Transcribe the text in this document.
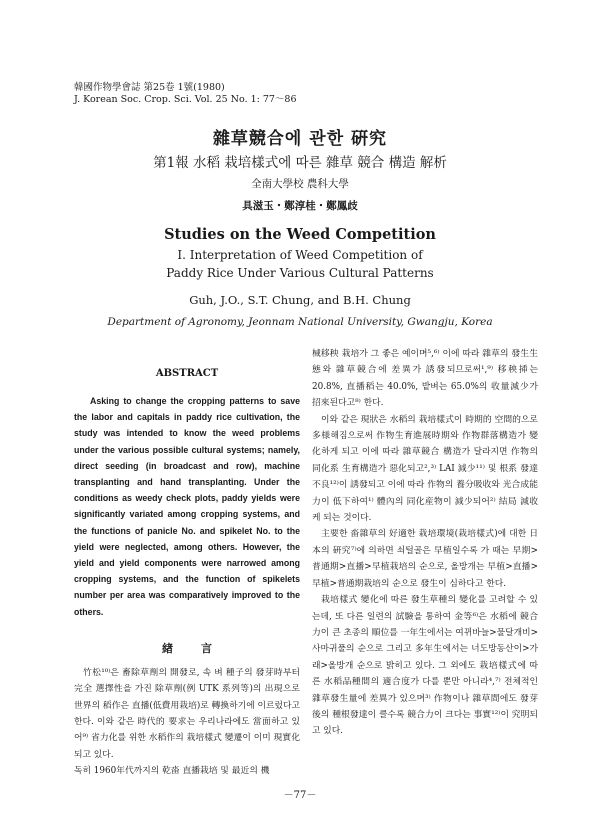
韓國作物學會誌 第25卷 1號(1980)
J. Korean Soc. Crop. Sci. Vol. 25 No. 1: 77～86
雜草競合에 관한 硏究
第1報 水稻 栽培樣式에 따른 雜草 競合 構造 解析
全南大學校 農科大學
具滋玉・鄭淳桂・鄭鳳歧
Studies on the Weed Competition
I. Interpretation of Weed Competition of
Paddy Rice Under Various Cultural Patterns
Guh, J.O., S.T. Chung, and B.H. Chung
Department of Agronomy, Jeonnam National University, Gwangju, Korea
ABSTRACT

Asking to change the cropping patterns to save the labor and capitals in paddy rice cultivation, the study was intended to know the weed problems under the various possible cultural systems; namely, direct seeding (in broadcast and row), machine transplanting and hand transplanting. Under the conditions as weedy check plots, paddy yields were significantly variated among cropping systems, and the functions of panicle No. and spikelet No. to the yield were neglected, among others. However, the yield and yield components were narrowed among cropping systems, and the function of spikelets number per area was comparatively improved to the others.

緖言

竹松¹⁰⁾은 畜除草劑의 開發로, 속 벼 種子의 發芽時부터 完全 選擇性을 가진 除草劑(例 UTK 系列等)의 出現으로 世界의 稻作은 直播(低費用栽培)로 轉換하기에 이르렀다고 한다. 이와 같은 時代的 要求는 우리나라에도 當面하고 있어⁹⁾ 省力化를 위한 水稻作의 栽培樣式 變遷이 이미 現實化되고 있다.

독히 1960年代까지의 乾畓 直播栽培 및 最近의 機

械移秧 栽培가 그 좋은 예이며⁵,⁶⁾ 이에 따라 雜草의 發生生態와 雜草競合에 差異가 誘發되므로써¹,⁹⁾ 移秧揷는 20.8%, 直播稻는 40.0%, 밭벼는 65.0%의 收量減少가 招來된다고⁸⁾ 한다.

이와 같은 現狀은 水稻의 栽培樣式이 時期的 空間的으로 多様해짐으로써 作物生育進展時期와 作物群落構造가 變化하게 되고 이에 따라 雜草競合 構造가 달라지면 作物의 同化系 生育構造가 惡化되고²,³⁾ LAI 減少¹¹⁾ 및 根系 發達不良¹²⁾이 誘發되고 이에 따라 作物의 養分吸收와 光合成能力이 低下하여¹⁾ 體內의 同化産物이 減少되어²⁾ 結局 減收케 되는 것이다.

主要한 畓雜草의 好適한 栽培環境(栽培樣式)에 대한 日本의 硏究⁷⁾에 의하면 쇠털골은 早植일수록 가 때는 早期>普通期>直播>早植栽培의 순으로, 올방개는 早植>直播>早植>普通期栽培의 순으로 發生이 심하다고 한다.

栽培樣式 變化에 따른 發生草種의 變化를 고려할 수 있는데, 또 다른 일련의 試驗을 통하여 金等⁶⁾은 水稻에 競合力이 큰 초종의 順位를 一年生에서는 여뀌바늘>물달개비>사마귀풀의 순으로 그리고 多年生에서는 너도방동산이>가래>올방개 순으로 밝히고 있다. 그 외에도 栽培樣式에 따른 水稻品種間의 適合度가 다를 뿐만 아니라⁴,⁷⁾ 전체적인 雜草發生量에 差異가 있으며³⁾ 作物이나 雜草間에도 發芽後의 種根發達이 클수록 競合力이 크다는 事實¹²⁾이 究明되고 있다.

－77－
